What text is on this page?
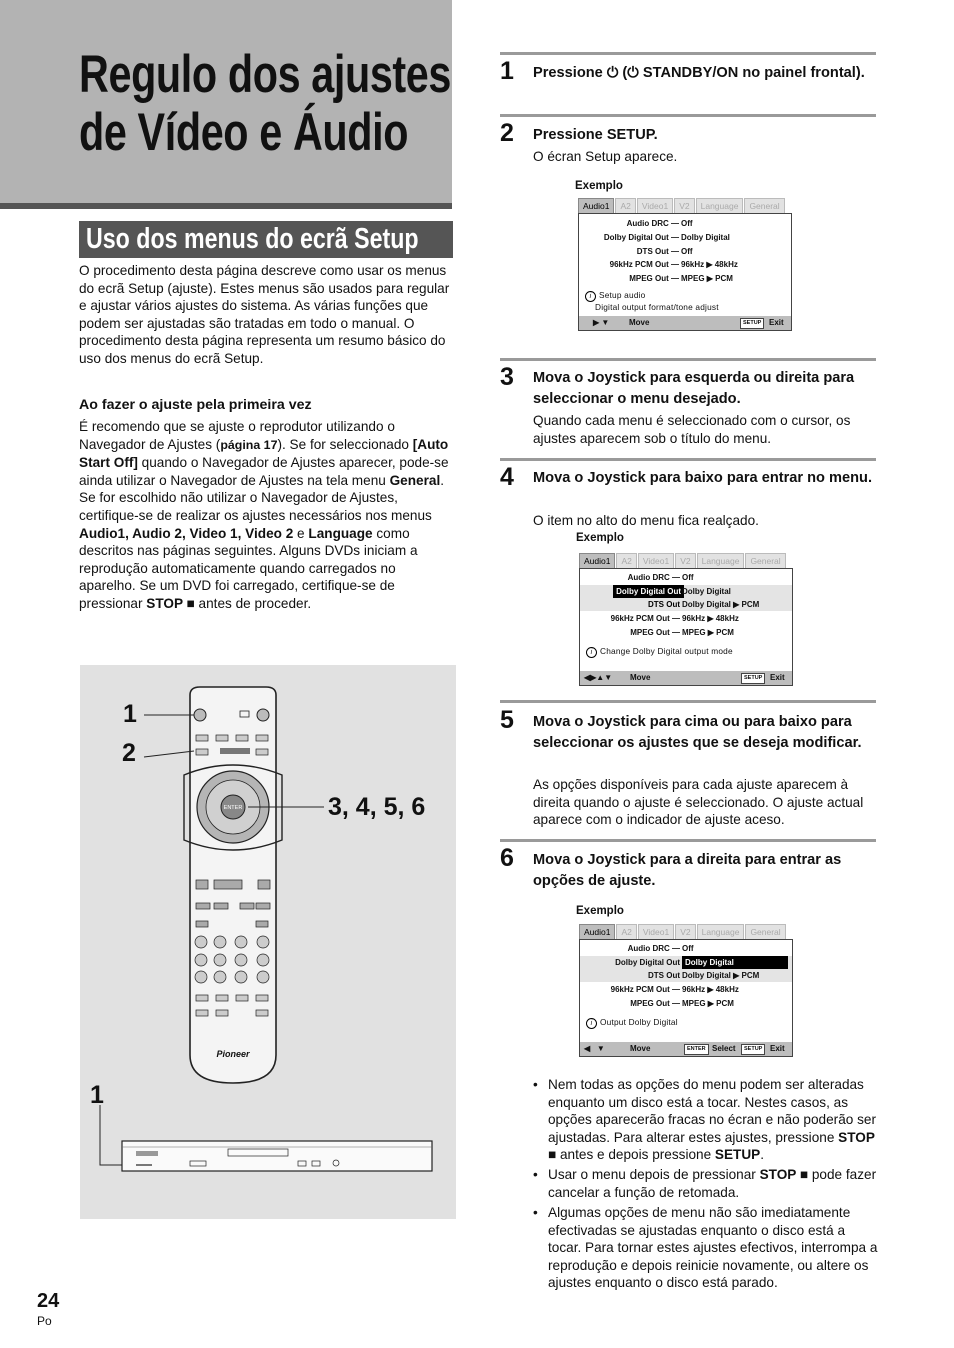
Regulo dos ajustes
de Vídeo e Áudio
Uso dos menus do ecrã Setup
O procedimento desta página descreve como usar os menus do ecrã Setup (ajuste). Estes menus são usados para regular e ajustar vários ajustes do sistema. As várias funções que podem ser ajustadas são tratadas em todo o manual. O procedimento desta página representa um resumo básico do uso dos menus do ecrã Setup.
Ao fazer o ajuste pela primeira vez
É recomendo que se ajuste o reprodutor utilizando o Navegador de Ajustes (página 17). Se for seleccionado [Auto Start Off] quando o Navegador de Ajustes aparecer, pode-se ainda utilizar o Navegador de Ajustes na tela menu General.
Se for escolhido não utilizar o Navegador de Ajustes, certifique-se de realizar os ajustes necessários nos menus Audio1, Audio 2, Video 1, Video 2 e Language como descritos nas páginas seguintes. Alguns DVDs iniciam a reprodução automaticamente quando carregados no aparelho. Se um DVD foi carregado, certifique-se de pressionar STOP ■ antes de proceder.
ENTER
Pioneer
1
2
3, 4, 5, 6
1
1 Pressione ⏻ (⏻ STANDBY/ON no painel frontal).
2 Pressione SETUP.
O écran Setup aparece.
Exemplo
Audio1	A2	Video1	V2	Language	General
Audio DRC — Off
Dolby Digital Out — Dolby Digital
DTS Out — Off
96kHz PCM Out — 96kHz ▶ 48kHz
MPEG Out — MPEG ▶ PCM
i Setup audio
Digital output format/tone adjust
▶ ▼ Move	SETUP Exit
3 Mova o Joystick para esquerda ou direita para seleccionar o menu desejado.
Quando cada menu é seleccionado com o cursor, os ajustes aparecem sob o título do menu.
4 Mova o Joystick para baixo para entrar no menu.
O item no alto do menu fica realçado.
Exemplo
Audio1	A2	Video1	V2	Language	General
Audio DRC — Off
Dolby Digital Out Dolby Digital
DTS Out Dolby Digital ▶ PCM
96kHz PCM Out — 96kHz ▶ 48kHz
MPEG Out — MPEG ▶ PCM
i Change Dolby Digital output mode
◀▶▲▼ Move	SETUP Exit
5 Mova o Joystick para cima ou para baixo para seleccionar os ajustes que se deseja modificar.
As opções disponíveis para cada ajuste aparecem à direita quando o ajuste é seleccionado. O ajuste actual aparece com o indicador de ajuste aceso.
6 Mova o Joystick para a direita para entrar as opções de ajuste.
Exemplo
Audio1	A2	Video1	V2	Language	General
Audio DRC — Off
Dolby Digital Out Dolby Digital
DTS Out Dolby Digital ▶ PCM
96kHz PCM Out — 96kHz ▶ 48kHz
MPEG Out — MPEG ▶ PCM
i Output Dolby Digital
◀   ▼	Move	ENTER Select	SETUP Exit
• Nem todas as opções do menu podem ser alteradas enquanto um disco está a tocar. Nestes casos, as opções aparecerão fracas no écran e não poderão ser ajustadas. Para alterar estes ajustes, pressione STOP ■ antes e depois pressione SETUP.
• Usar o menu depois de pressionar STOP ■ pode fazer cancelar a função de retomada.
• Algumas opções de menu não são imediatamente efectivadas se ajustadas enquanto o disco está a tocar. Para tornar estes ajustes efectivos, interrompa a reprodução e depois reinicie novamente, ou altere os ajustes enquanto o disco está parado.
24
Po
